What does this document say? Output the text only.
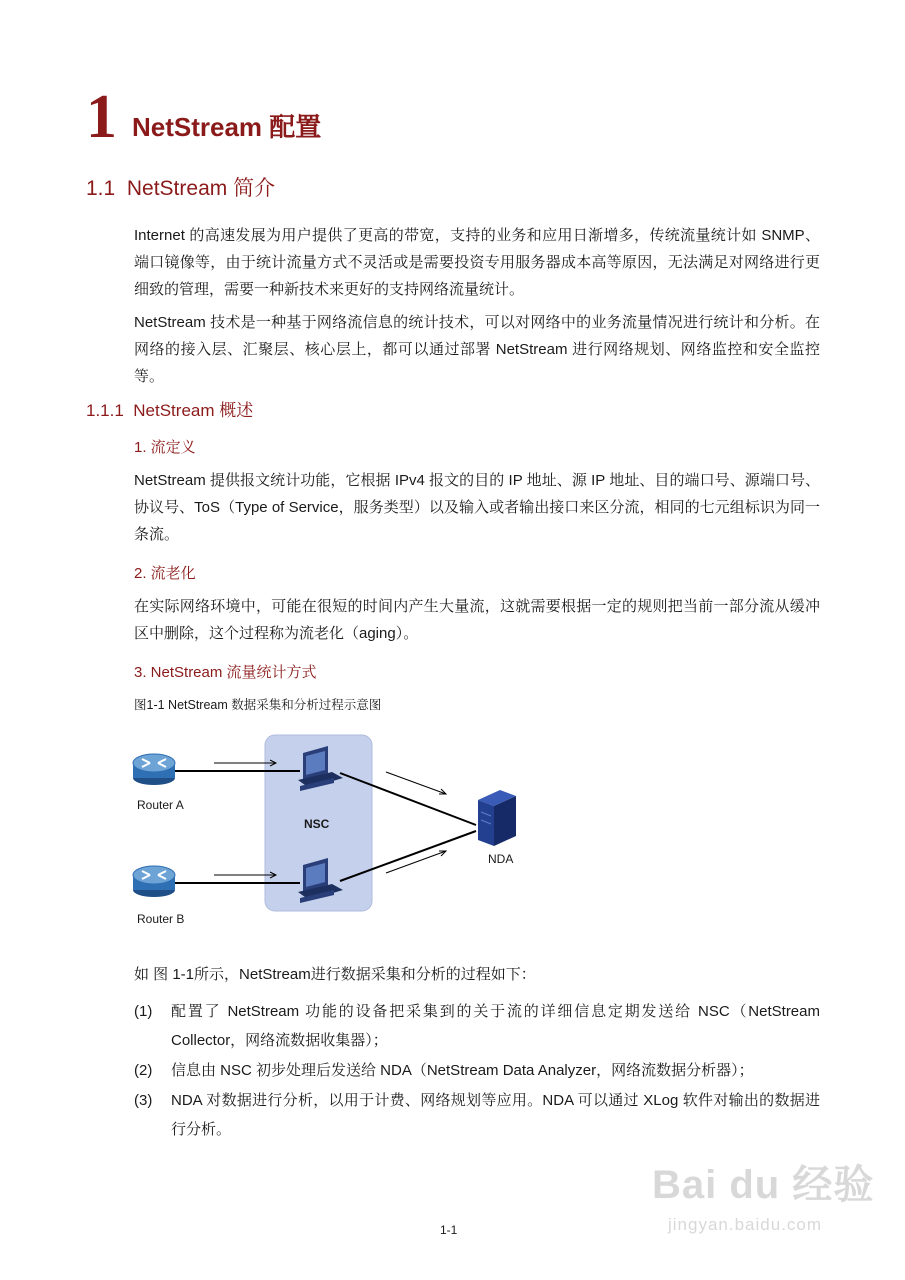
1 NetStream 配置
1.1 NetStream 简介
Internet 的高速发展为用户提供了更高的带宽，支持的业务和应用日渐增多，传统流量统计如 SNMP、端口镜像等，由于统计流量方式不灵活或是需要投资专用服务器成本高等原因，无法满足对网络进行更细致的管理，需要一种新技术来更好的支持网络流量统计。
NetStream 技术是一种基于网络流信息的统计技术，可以对网络中的业务流量情况进行统计和分析。在网络的接入层、汇聚层、核心层上，都可以通过部署 NetStream 进行网络规划、网络监控和安全监控等。
1.1.1 NetStream 概述
1. 流定义
NetStream 提供报文统计功能，它根据 IPv4 报文的目的 IP 地址、源 IP 地址、目的端口号、源端口号、协议号、ToS（Type of Service，服务类型）以及输入或者输出接口来区分流，相同的七元组标识为同一条流。
2. 流老化
在实际网络环境中，可能在很短的时间内产生大量流，这就需要根据一定的规则把当前一部分流从缓冲区中删除，这个过程称为流老化（aging）。
3. NetStream 流量统计方式
图1-1 NetStream 数据采集和分析过程示意图
Router A
Router B
NSC
NDA
如 图 1-1所示，NetStream进行数据采集和分析的过程如下：
(1) 配置了 NetStream 功能的设备把采集到的关于流的详细信息定期发送给 NSC（NetStream Collector，网络流数据收集器）；
(2) 信息由 NSC 初步处理后发送给 NDA（NetStream Data Analyzer，网络流数据分析器）；
(3) NDA 对数据进行分析，以用于计费、网络规划等应用。NDA 可以通过 XLog 软件对输出的数据进行分析。
1-1
Bai du 经验
jingyan.baidu.com
